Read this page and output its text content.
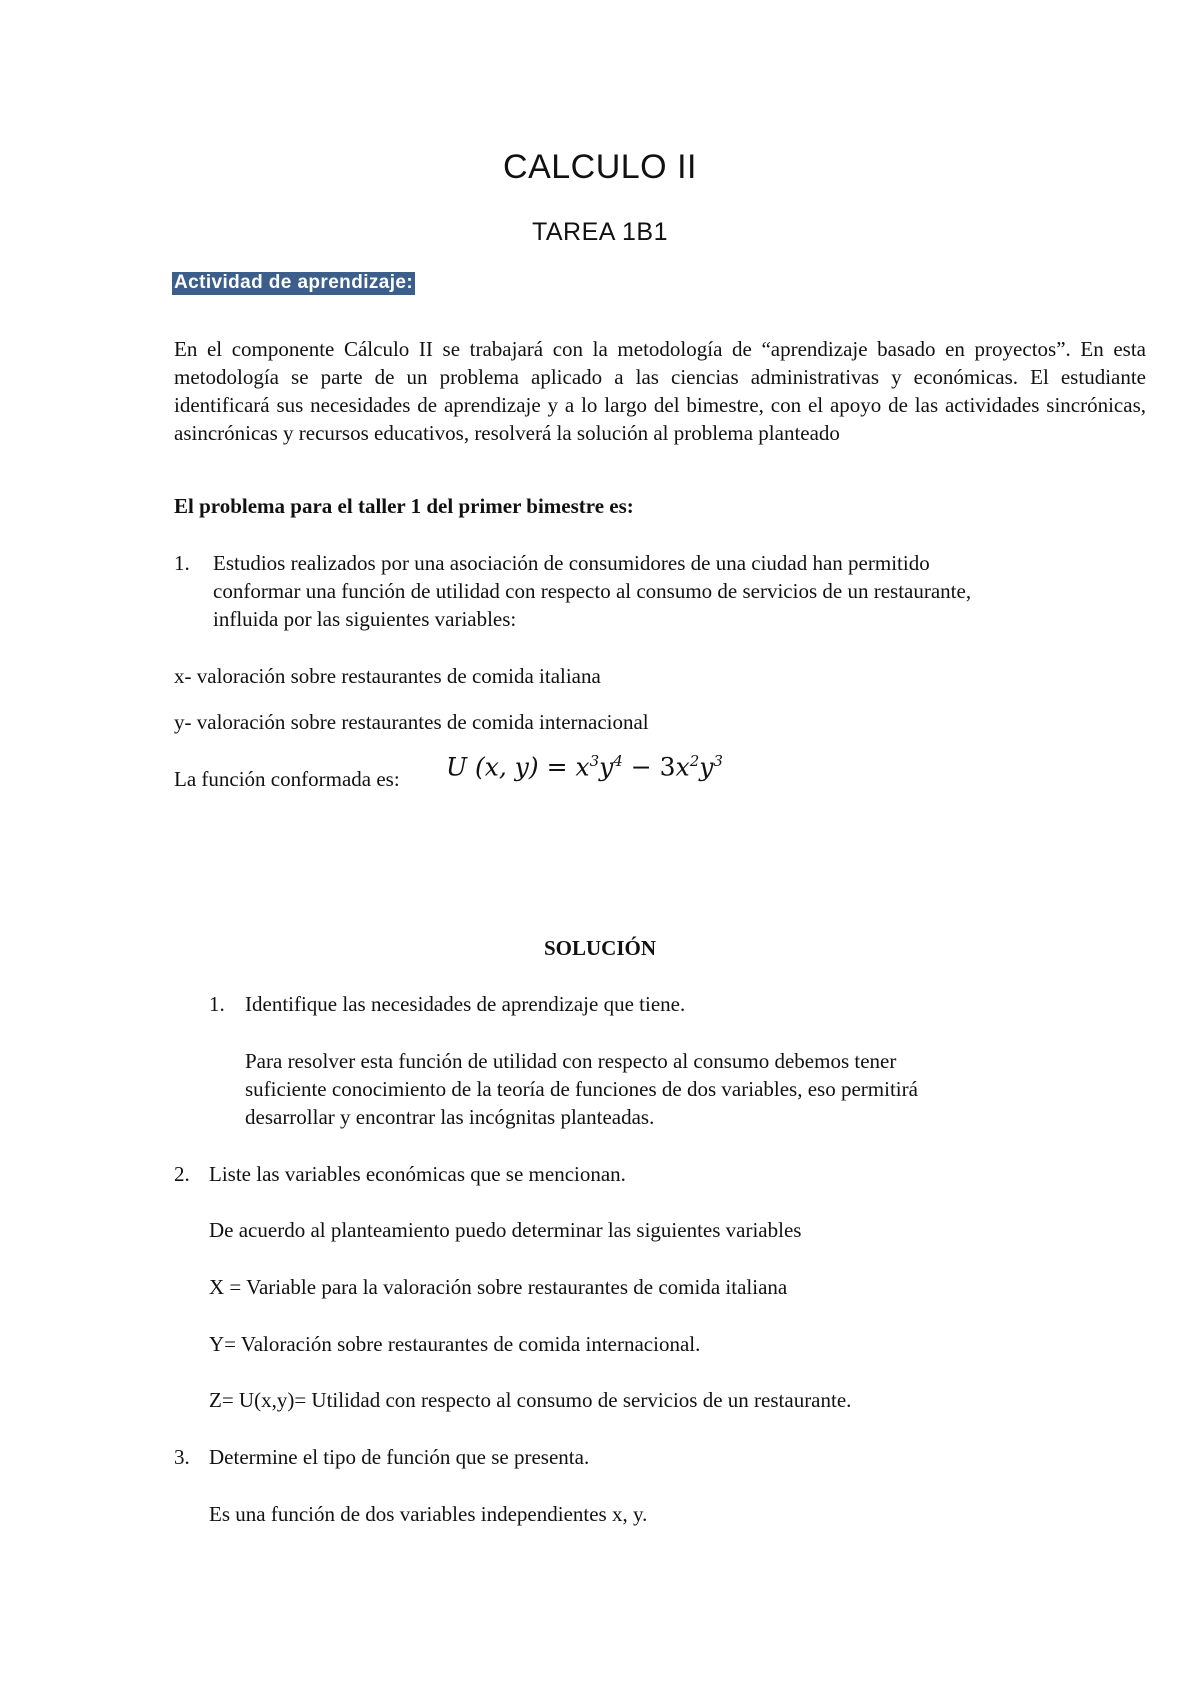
CALCULO II
TAREA 1B1
Actividad de aprendizaje:
En el componente Cálculo II se trabajará con la metodología de “aprendizaje basado en proyectos”. En esta metodología se parte de un problema aplicado a las ciencias administrativas y económicas. El estudiante identificará sus necesidades de aprendizaje y a lo largo del bimestre, con el apoyo de las actividades sincrónicas, asincrónicas y recursos educativos, resolverá la solución al problema planteado
El problema para el taller 1 del primer bimestre es:
1. Estudios realizados por una asociación de consumidores de una ciudad han permitido
conformar una función de utilidad con respecto al consumo de servicios de un restaurante,
influida por las siguientes variables:
x- valoración sobre restaurantes de comida italiana
y- valoración sobre restaurantes de comida internacional
La función conformada es: U (x, $y) = x^3y^4 - 3x^2y^3$
SOLUCIÓN
1. Identifique las necesidades de aprendizaje que tiene.
Para resolver esta función de utilidad con respecto al consumo debemos tener
suficiente conocimiento de la teoría de funciones de dos variables, eso permitirá
desarrollar y encontrar las incógnitas planteadas.
2. Liste las variables económicas que se mencionan.
De acuerdo al planteamiento puedo determinar las siguientes variables
X = Variable para la valoración sobre restaurantes de comida italiana
Y= Valoración sobre restaurantes de comida internacional.
Z= U(x,y)= Utilidad con respecto al consumo de servicios de un restaurante.
3. Determine el tipo de función que se presenta.
Es una función de dos variables independientes x, y.
